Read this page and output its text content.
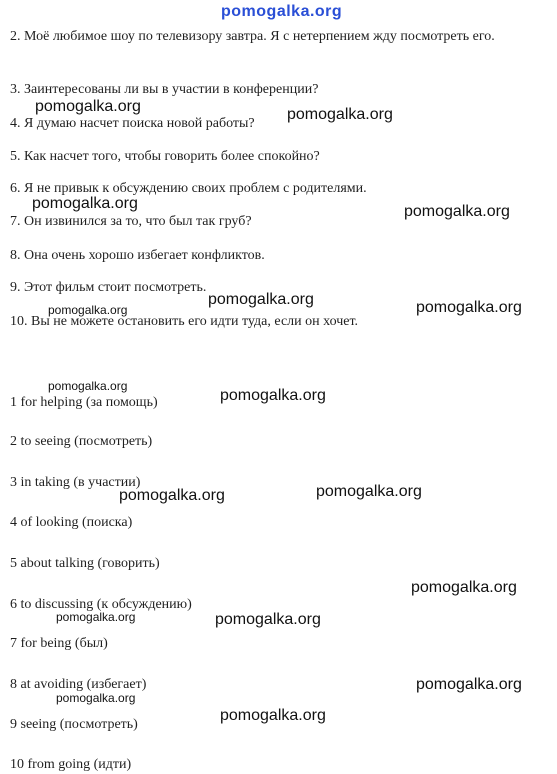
pomogalka.org
2. Моё любимое шоу по телевизору завтра. Я с нетерпением жду посмотреть его.
3. Заинтересованы ли вы в участии в конференции?
4. Я думаю насчет поиска новой работы?
5. Как насчет того, чтобы говорить более спокойно?
6. Я не привык к обсуждению своих проблем с родителями.
7. Он извинился за то, что был так груб?
8. Она очень хорошо избегает конфликтов.
9. Этот фильм стоит посмотреть.
10. Вы не можете остановить его идти туда, если он хочет.
1 for helping (за помощь)
2 to seeing (посмотреть)
3 in taking (в участии)
4 of looking (поиска)
5 about talking (говорить)
6 to discussing (к обсуждению)
7 for being (был)
8 at avoiding (избегает)
9 seeing (посмотреть)
10 from going (идти)
pomogalka.org	pomogalka.org
pomogalka.org	pomogalka.org
pomogalka.org
pomogalka.org	pomogalka.org
pomogalka.org
pomogalka.org
pomogalka.org	pomogalka.org
pomogalka.org
pomogalka.org	pomogalka.org
pomogalka.org
pomogalka.org
pomogalka.org
